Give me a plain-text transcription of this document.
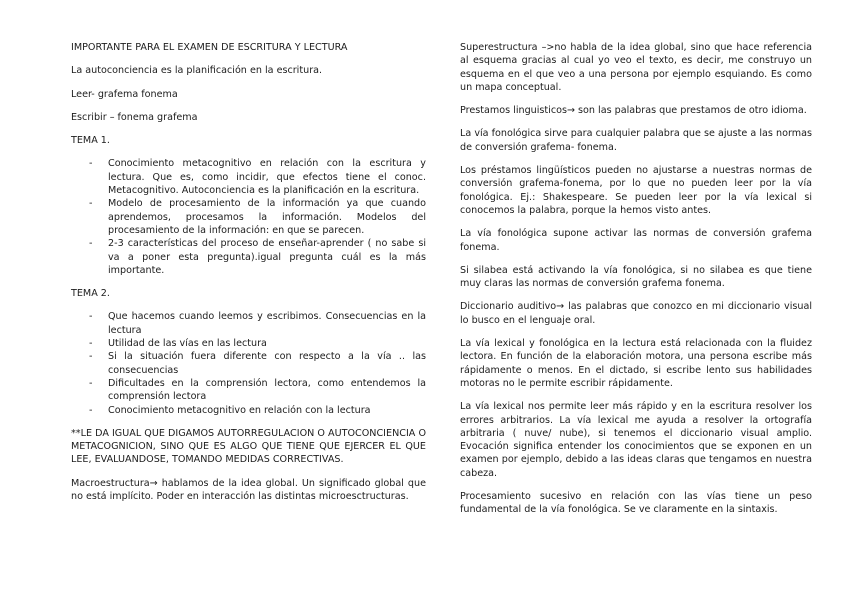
IMPORTANTE PARA EL EXAMEN DE ESCRITURA Y LECTURA

La autoconciencia es la planificación en la escritura.

Leer- grafema fonema

Escribir – fonema grafema

TEMA 1.

- Conocimiento metacognitivo en relación con la escritura y lectura. Que es, como incidir, que efectos tiene el conoc. Metacognitivo. Autoconciencia es la planificación en la escritura.
- Modelo de procesamiento de la información ya que cuando aprendemos, procesamos la información. Modelos del procesamiento de la información: en que se parecen.
- 2-3 características del proceso de enseñar-aprender ( no sabe si va a poner esta pregunta).igual pregunta cuál es la más importante.

TEMA 2.

- Que hacemos cuando leemos y escribimos. Consecuencias en la lectura
- Utilidad de las vías en las lectura
- Si la situación fuera diferente con respecto a la vía .. las consecuencias
- Dificultades en la comprensión lectora, como entendemos la comprensión lectora
- Conocimiento metacognitivo en relación con la lectura

**LE DA IGUAL QUE DIGAMOS AUTORREGULACION O AUTOCONCIENCIA O METACOGNICION, SINO QUE ES ALGO QUE TIENE QUE EJERCER EL QUE LEE, EVALUANDOSE, TOMANDO MEDIDAS CORRECTIVAS.

Macroestructura→ hablamos de la idea global. Un significado global que no está implícito. Poder en interacción las distintas microesctructuras.

Superestructura –>no habla de la idea global, sino que hace referencia al esquema gracias al cual yo veo el texto, es decir, me construyo un esquema en el que veo a una persona por ejemplo esquiando. Es como un mapa conceptual.

Prestamos linguisticos→ son las palabras que prestamos de otro idioma.

La vía fonológica sirve para cualquier palabra que se ajuste a las normas de conversión grafema- fonema.

Los préstamos lingüísticos pueden no ajustarse a nuestras normas de conversión grafema-fonema, por lo que no pueden leer por la vía fonológica. Ej.: Shakespeare. Se pueden leer por la vía lexical si conocemos la palabra, porque la hemos visto antes.

La vía fonológica supone activar las normas de conversión grafema fonema.

Si silabea está activando la vía fonológica, si no silabea es que tiene muy claras las normas de conversión grafema fonema.

Diccionario auditivo→ las palabras que conozco en mi diccionario visual lo busco en el lenguaje oral.

La vía lexical y fonológica en la lectura está relacionada con la fluidez lectora. En función de la elaboración motora, una persona escribe más rápidamente o menos. En el dictado, si escribe lento sus habilidades motoras no le permite escribir rápidamente.

La vía lexical nos permite leer más rápido y en la escritura resolver los errores arbitrarios. La vía lexical me ayuda a resolver la ortografía arbitraria ( nuve/ nube), si tenemos el diccionario visual amplio. Evocación significa entender los conocimientos que se exponen en un examen por ejemplo, debido a las ideas claras que tengamos en nuestra cabeza.

Procesamiento sucesivo en relación con las vías tiene un peso fundamental de la vía fonológica. Se ve claramente en la sintaxis.
